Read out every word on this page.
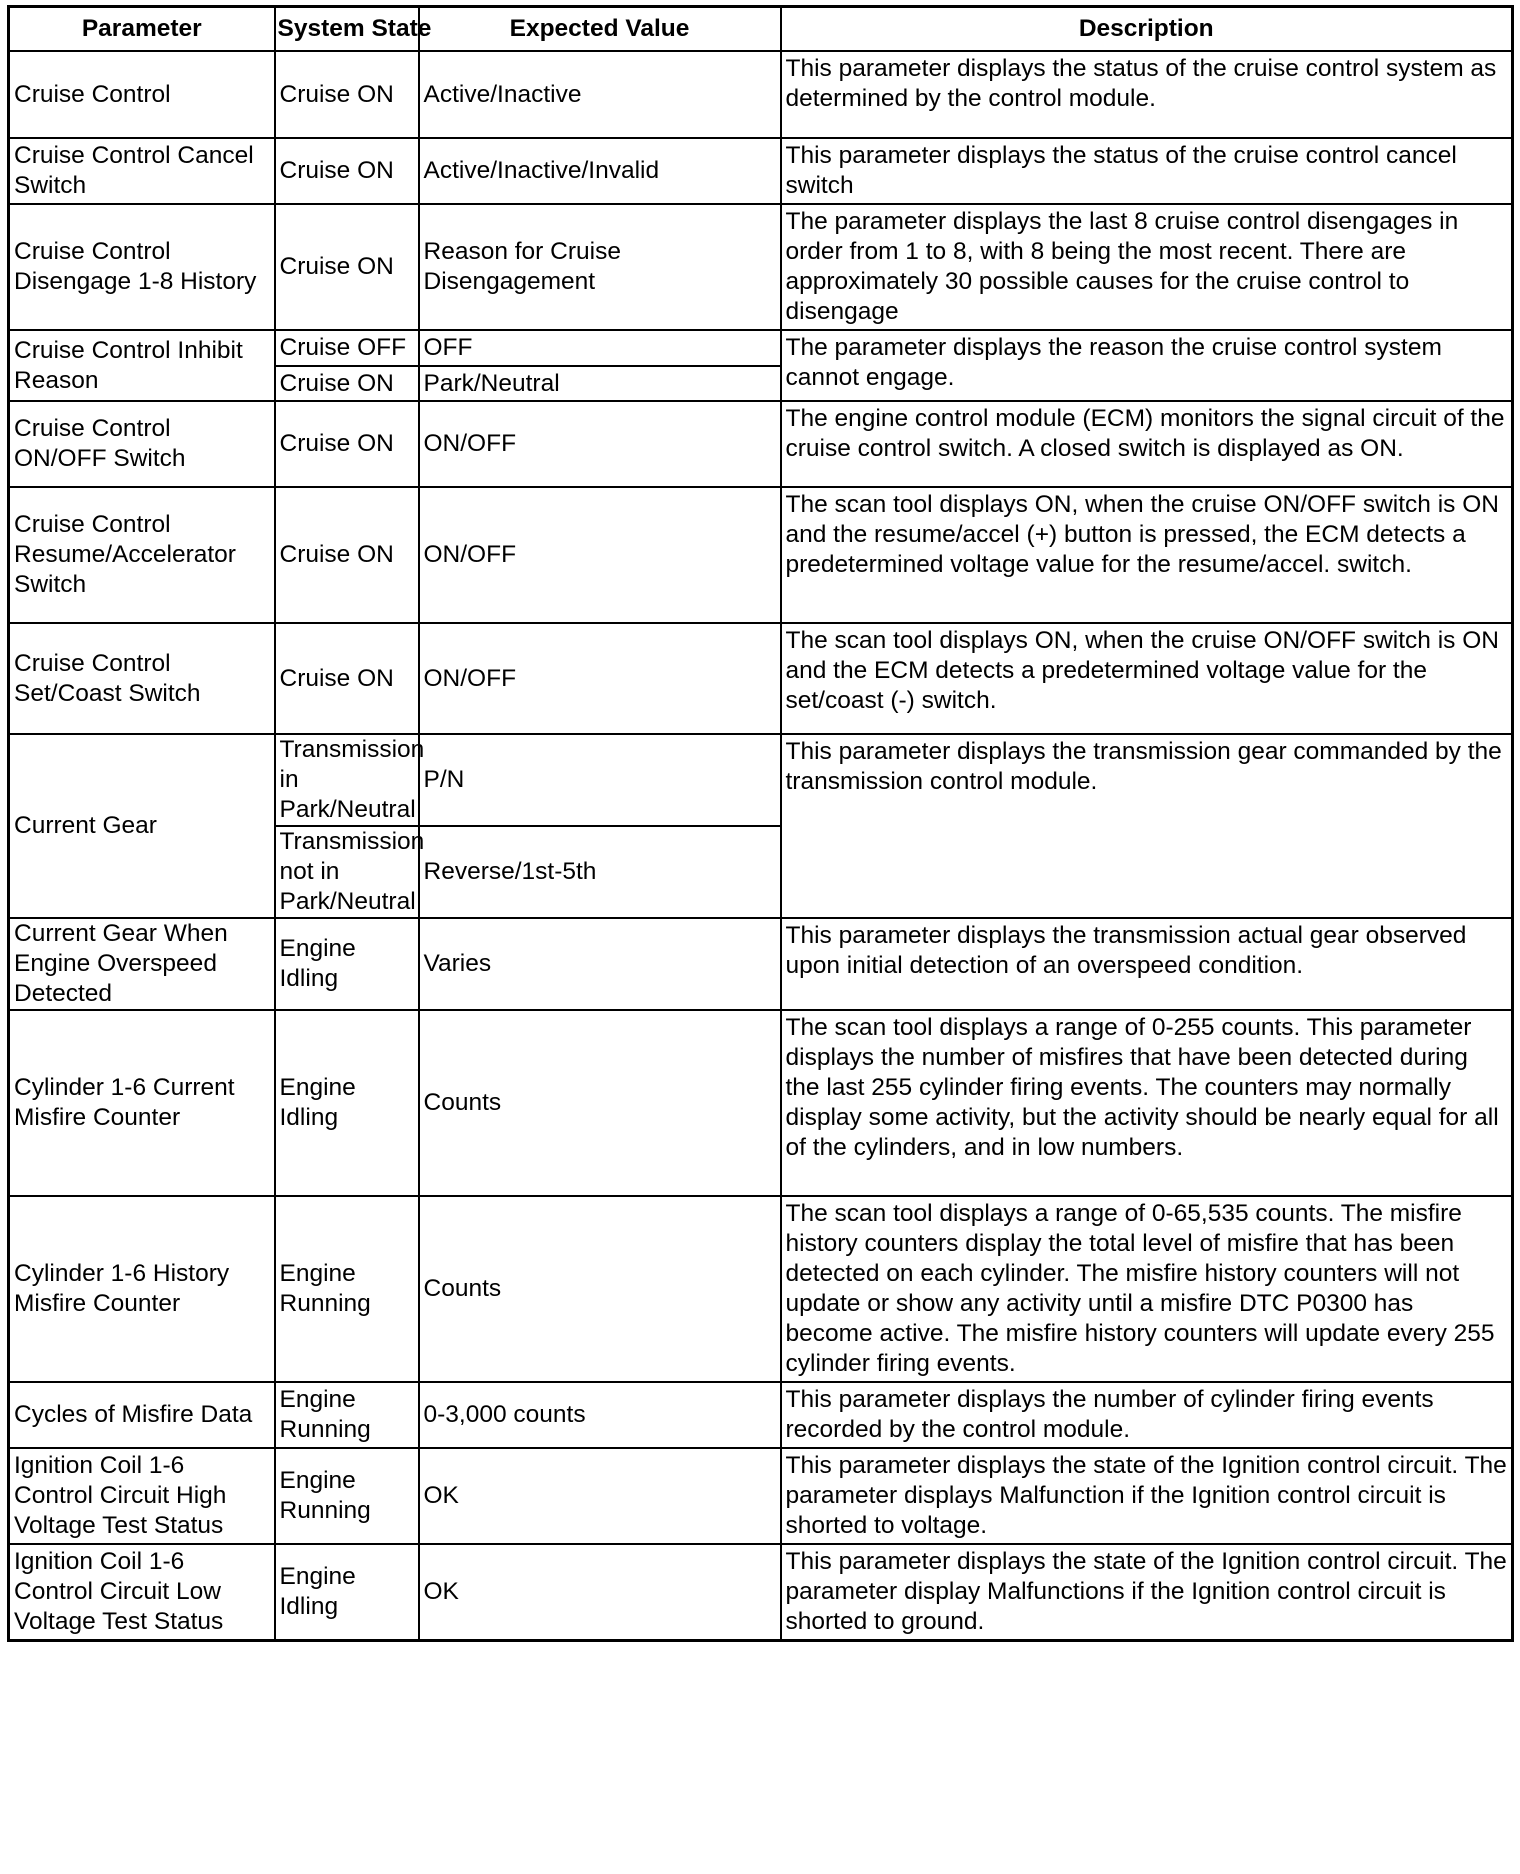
Parameter	System State	Expected Value	Description
Cruise Control	Cruise ON	Active/Inactive	This parameter displays the status of the cruise control system as determined by the control module.
Cruise Control Cancel Switch	Cruise ON	Active/Inactive/Invalid	This parameter displays the status of the cruise control cancel switch
Cruise Control Disengage 1-8 History	Cruise ON	Reason for Cruise Disengagement	The parameter displays the last 8 cruise control disengages in order from 1 to 8, with 8 being the most recent. There are approximately 30 possible causes for the cruise control to disengage
Cruise Control Inhibit Reason	Cruise OFF	OFF	The parameter displays the reason the cruise control system cannot engage.
	Cruise ON	Park/Neutral	
Cruise Control ON/OFF Switch	Cruise ON	ON/OFF	The engine control module (ECM) monitors the signal circuit of the cruise control switch. A closed switch is displayed as ON.
Cruise Control Resume/Accelerator Switch	Cruise ON	ON/OFF	The scan tool displays ON, when the cruise ON/OFF switch is ON and the resume/accel (+) button is pressed, the ECM detects a predetermined voltage value for the resume/accel. switch.
Cruise Control Set/Coast Switch	Cruise ON	ON/OFF	The scan tool displays ON, when the cruise ON/OFF switch is ON and the ECM detects a predetermined voltage value for the set/coast (-) switch.
Current Gear	Transmission in Park/Neutral	P/N	This parameter displays the transmission gear commanded by the transmission control module.
	Transmission not in Park/Neutral	Reverse/1st-5th	
Current Gear When Engine Overspeed Detected	Engine Idling	Varies	This parameter displays the transmission actual gear observed upon initial detection of an overspeed condition.
Cylinder 1-6 Current Misfire Counter	Engine Idling	Counts	The scan tool displays a range of 0-255 counts. This parameter displays the number of misfires that have been detected during the last 255 cylinder firing events. The counters may normally display some activity, but the activity should be nearly equal for all of the cylinders, and in low numbers.
Cylinder 1-6 History Misfire Counter	Engine Running	Counts	The scan tool displays a range of 0-65,535 counts. The misfire history counters display the total level of misfire that has been detected on each cylinder. The misfire history counters will not update or show any activity until a misfire DTC P0300 has become active. The misfire history counters will update every 255 cylinder firing events.
Cycles of Misfire Data	Engine Running	0-3,000 counts	This parameter displays the number of cylinder firing events recorded by the control module.
Ignition Coil 1-6 Control Circuit High Voltage Test Status	Engine Running	OK	This parameter displays the state of the Ignition control circuit. The parameter displays Malfunction if the Ignition control circuit is shorted to voltage.
Ignition Coil 1-6 Control Circuit Low Voltage Test Status	Engine Idling	OK	This parameter displays the state of the Ignition control circuit. The parameter display Malfunctions if the Ignition control circuit is shorted to ground.
